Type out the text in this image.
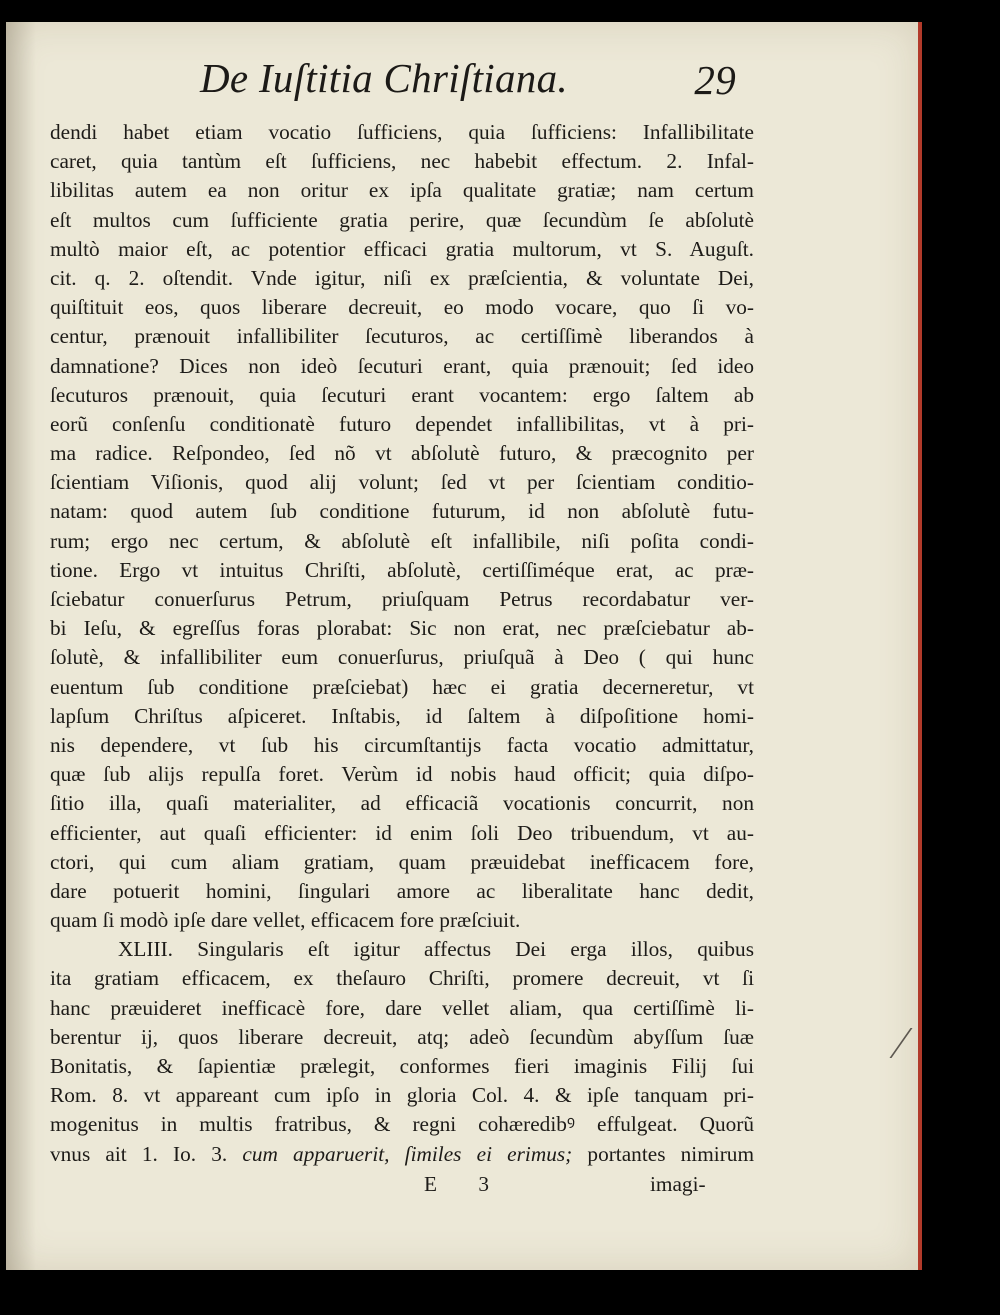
De Iuſtitia Chriſtiana.	29
dendi habet etiam vocatio ſufficiens, quia ſufficiens: Infallibilitate
caret, quia tantùm eſt ſufficiens, nec habebit effectum. 2. Infal-
libilitas autem ea non oritur ex ipſa qualitate gratiæ; nam certum
eſt multos cum ſufficiente gratia perire, quæ ſecundùm ſe abſolutè
multò maior eſt, ac potentior efficaci gratia multorum, vt S. Auguſt.
cit. q. 2. oſtendit. Vnde igitur, niſi ex præſcientia, & voluntate Dei,
quiſtituit eos, quos liberare decreuit, eo modo vocare, quo ſi vo-
centur, prænouit infallibiliter ſecuturos, ac certiſſimè liberandos à
damnatione? Dices non ideò ſecuturi erant, quia prænouit; ſed ideo
ſecuturos prænouit, quia ſecuturi erant vocantem: ergo ſaltem ab
eorũ conſenſu conditionatè futuro dependet infallibilitas, vt à pri-
ma radice. Reſpondeo, ſed nõ vt abſolutè futuro, & præcognito per
ſcientiam Viſionis, quod alij volunt; ſed vt per ſcientiam conditio-
natam: quod autem ſub conditione futurum, id non abſolutè futu-
rum; ergo nec certum, & abſolutè eſt infallibile, niſi poſita condi-
tione. Ergo vt intuitus Chriſti, abſolutè, certiſſiméque erat, ac præ-
ſciebatur conuerſurus Petrum, priuſquam Petrus recordabatur ver-
bi Ieſu, & egreſſus foras plorabat: Sic non erat, nec præſciebatur ab-
ſolutè, & infallibiliter eum conuerſurus, priuſquã à Deo ( qui hunc
euentum ſub conditione præſciebat) hæc ei gratia decerneretur, vt
lapſum Chriſtus aſpiceret. Inſtabis, id ſaltem à diſpoſitione homi-
nis dependere, vt ſub his circumſtantijs facta vocatio admittatur,
quæ ſub alijs repulſa foret. Verùm id nobis haud officit; quia diſpo-
ſitio illa, quaſi materialiter, ad efficaciã vocationis concurrit, non
efficienter, aut quaſi efficienter: id enim ſoli Deo tribuendum, vt au-
ctori, qui cum aliam gratiam, quam præuidebat inefficacem fore,
dare potuerit homini, ſingulari amore ac liberalitate hanc dedit,
quam ſi modò ipſe dare vellet, efficacem fore præſciuit.
XLIII. Singularis eſt igitur affectus Dei erga illos, quibus
ita gratiam efficacem, ex theſauro Chriſti, promere decreuit, vt ſi
hanc præuideret inefficacè fore, dare vellet aliam, qua certiſſimè li-
berentur ij, quos liberare decreuit, atq; adeò ſecundùm abyſſum ſuæ
Bonitatis, & ſapientiæ prælegit, conformes fieri imaginis Filij ſui
Rom. 8. vt appareant cum ipſo in gloria Col. 4. & ipſe tanquam pri-
mogenitus in multis fratribus, & regni cohæredibꝰ effulgeat. Quorũ
vnus ait 1. Io. 3. cum apparuerit, ſimiles ei erimus; portantes nimirum
E 3	imagi-
